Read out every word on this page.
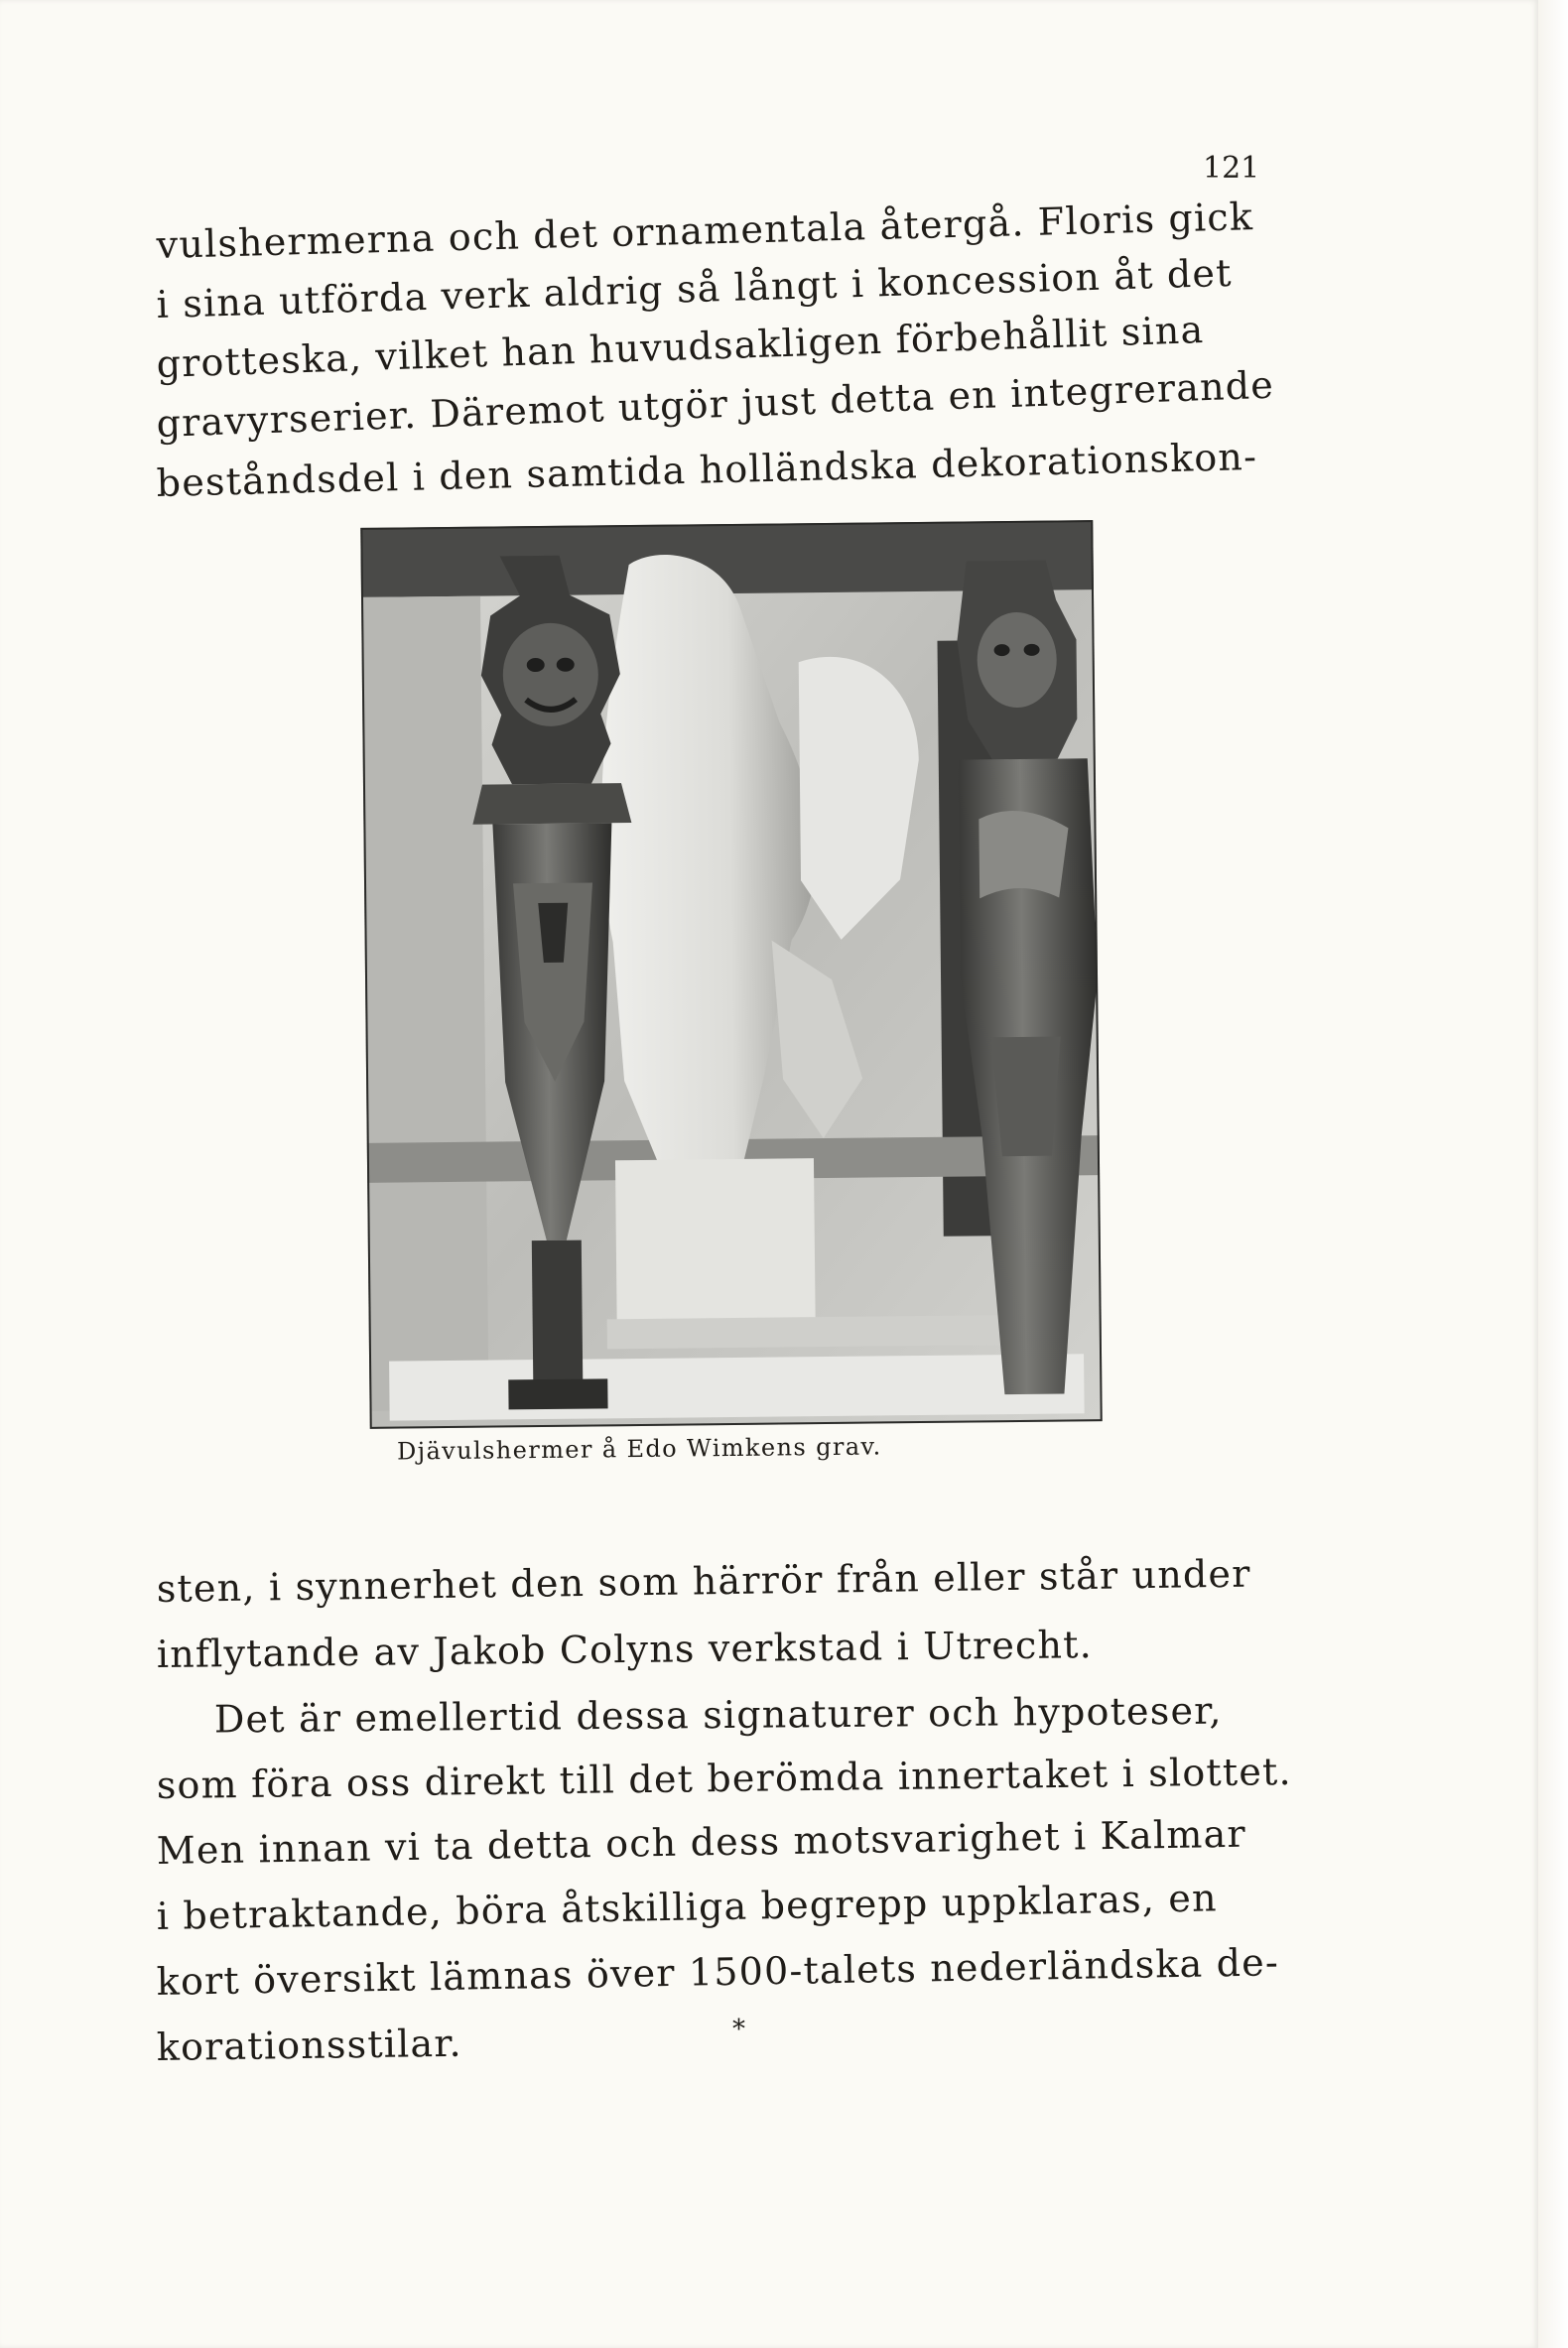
121
vulshermerna och det ornamentala återgå. Floris gick
i sina utförda verk aldrig så långt i koncession åt det
grotteska, vilket han huvudsakligen förbehållit sina
gravyrserier. Däremot utgör just detta en integrerande
beståndsdel i den samtida holländska dekorationskon-
Djävulshermer å Edo Wimkens grav.
sten, i synnerhet den som härrör från eller står under
inflytande av Jakob Colyns verkstad i Utrecht.
Det är emellertid dessa signaturer och hypoteser,
som föra oss direkt till det berömda innertaket i slottet.
Men innan vi ta detta och dess motsvarighet i Kalmar
i betraktande, böra åtskilliga begrepp uppklaras, en
kort översikt lämnas över 1500-talets nederländska de-
korationsstilar.	*
